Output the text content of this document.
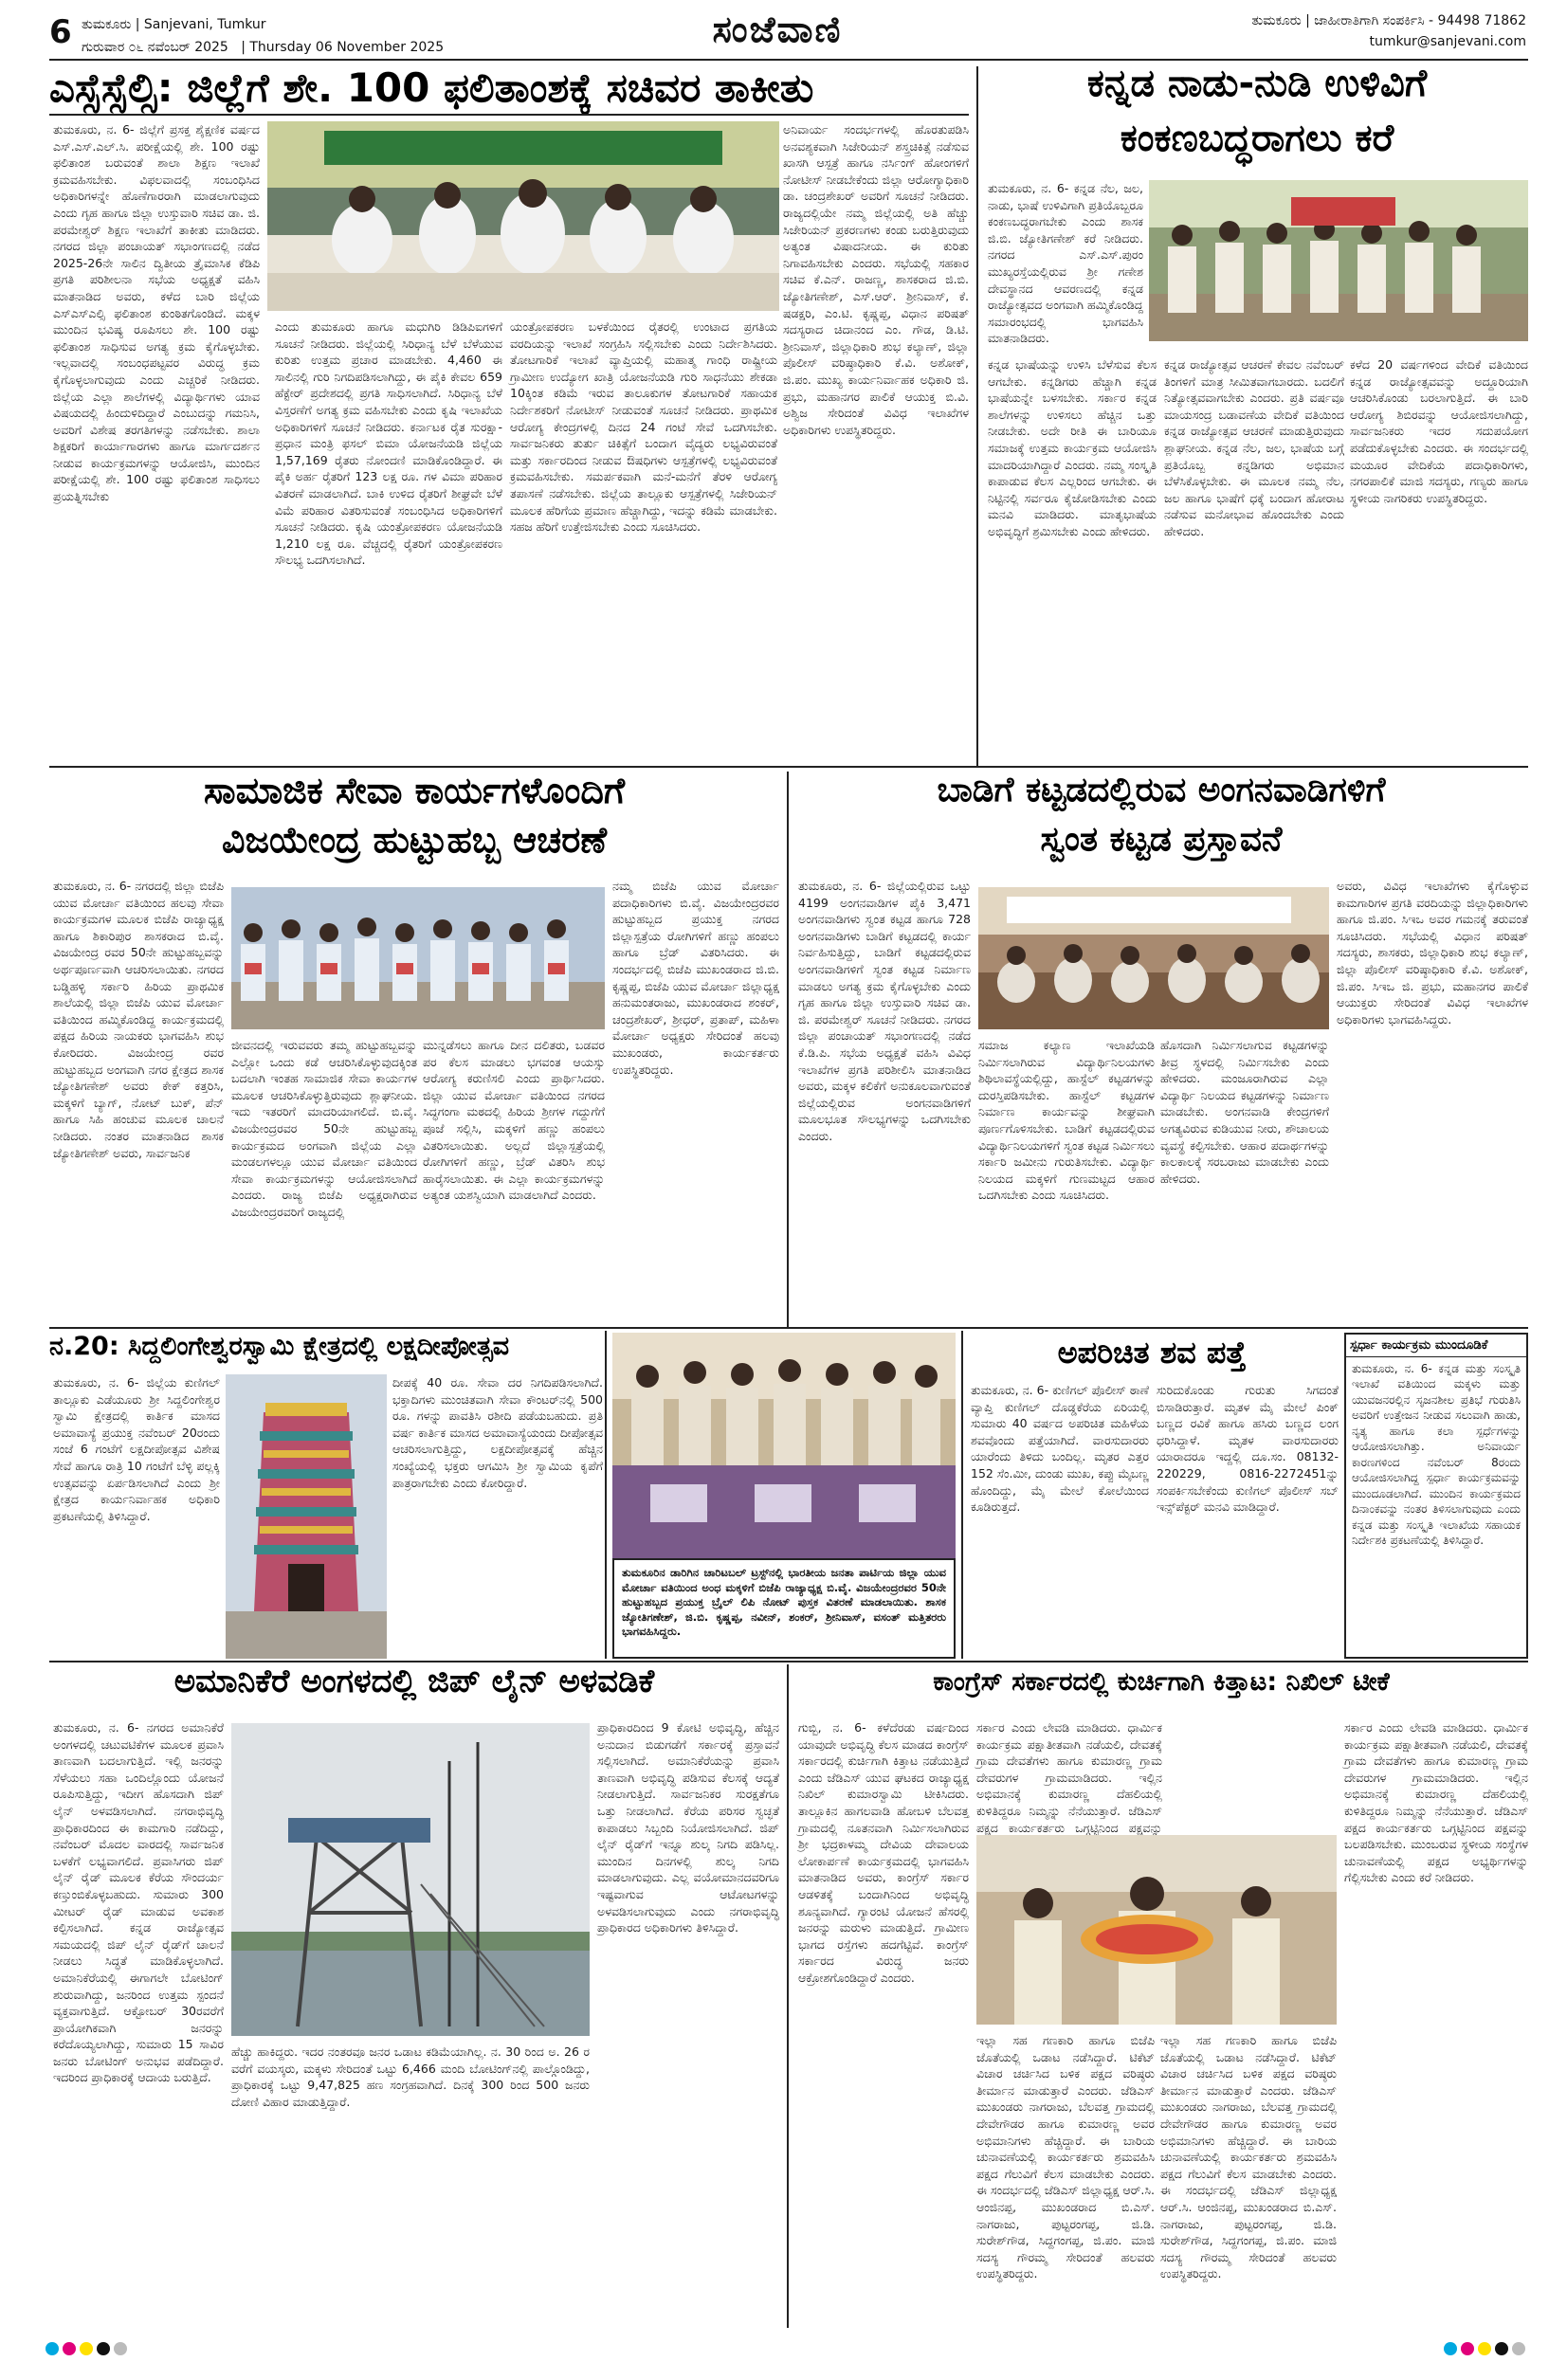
6 ತುಮಕೂರು | Sanjevani, Tumkur
ಗುರುವಾರ ೦೬ ನವೆಂಬರ್ 2025 | Thursday 06 November 2025	ಸಂಜೆವಾಣಿ	ತುಮಕೂರು | ಜಾಹೀರಾತಿಗಾಗಿ ಸಂಪರ್ಕಿಸಿ - 94498 71862
tumkur@sanjevani.com
ಎಸ್ಸೆಸ್ಸೆಲ್ಸಿ: ಜಿಲ್ಲೆಗೆ ಶೇ. 100 ಫಲಿತಾಂಶಕ್ಕೆ ಸಚಿವರ ತಾಕೀತು
ತುಮಕೂರು, ನ. 6- ಜಿಲ್ಲೆಗೆ ಪ್ರಸಕ್ತ ಶೈಕ್ಷಣಿಕ ವರ್ಷದ ಎಸ್.ಎಸ್.ಎಲ್.ಸಿ. ಪರೀಕ್ಷೆಯಲ್ಲಿ ಶೇ. 100 ರಷ್ಟು ಫಲಿತಾಂಶ ಬರುವಂತೆ ಶಾಲಾ ಶಿಕ್ಷಣ ಇಲಾಖೆ ಕ್ರಮವಹಿಸಬೇಕು. ವಿಫಲವಾದಲ್ಲಿ ಸಂಬಂಧಿಸಿದ ಅಧಿಕಾರಿಗಳನ್ನೇ ಹೊಣೆಗಾರರಾಗಿ ಮಾಡಲಾಗುವುದು ಎಂದು ಗೃಹ ಹಾಗೂ ಜಿಲ್ಲಾ ಉಸ್ತುವಾರಿ ಸಚಿವ ಡಾ. ಜಿ. ಪರಮೇಶ್ವರ್ ಶಿಕ್ಷಣ ಇಲಾಖೆಗೆ ತಾಕೀತು ಮಾಡಿದರು. ನಗರದ ಜಿಲ್ಲಾ ಪಂಚಾಯತ್ ಸಭಾಂಗಣದಲ್ಲಿ ನಡೆದ 2025-26ನೇ ಸಾಲಿನ ದ್ವಿತೀಯ ತ್ರೈಮಾಸಿಕ ಕೆಡಿಪಿ ಪ್ರಗತಿ ಪರಿಶೀಲನಾ ಸಭೆಯ ಅಧ್ಯಕ್ಷತೆ ವಹಿಸಿ ಮಾತನಾಡಿದ ಅವರು, ಕಳೆದ ಬಾರಿ ಜಿಲ್ಲೆಯ ಎಸ್ಎಸ್ಎಲ್ಸಿ ಫಲಿತಾಂಶ ಕುಂಠಿತಗೊಂಡಿದೆ. ಮಕ್ಕಳ ಮುಂದಿನ ಭವಿಷ್ಯ ರೂಪಿಸಲು ಶೇ. 100 ರಷ್ಟು ಫಲಿತಾಂಶ ಸಾಧಿಸುವ ಅಗತ್ಯ ಕ್ರಮ ಕೈಗೊಳ್ಳಬೇಕು. ಇಲ್ಲವಾದಲ್ಲಿ ಸಂಬಂಧಪಟ್ಟವರ ವಿರುದ್ಧ ಕ್ರಮ ಕೈಗೊಳ್ಳಲಾಗುವುದು ಎಂದು ಎಚ್ಚರಿಕೆ ನೀಡಿದರು. ಜಿಲ್ಲೆಯ ಎಲ್ಲಾ ಶಾಲೆಗಳಲ್ಲಿ ವಿದ್ಯಾರ್ಥಿಗಳು ಯಾವ ವಿಷಯದಲ್ಲಿ ಹಿಂದುಳಿದಿದ್ದಾರೆ ಎಂಬುದನ್ನು ಗಮನಿಸಿ, ಅವರಿಗೆ ವಿಶೇಷ ತರಗತಿಗಳನ್ನು ನಡೆಸಬೇಕು. ಶಾಲಾ ಶಿಕ್ಷಕರಿಗೆ ಕಾರ್ಯಾಗಾರಗಳು ಹಾಗೂ ಮಾರ್ಗದರ್ಶನ ನೀಡುವ ಕಾರ್ಯಕ್ರಮಗಳನ್ನು ಆಯೋಜಿಸಿ, ಮುಂದಿನ ಪರೀಕ್ಷೆಯಲ್ಲಿ ಶೇ. 100 ರಷ್ಟು ಫಲಿತಾಂಶ ಸಾಧಿಸಲು ಪ್ರಯತ್ನಿಸಬೇಕು
ಎಂದು ತುಮಕೂರು ಹಾಗೂ ಮಧುಗಿರಿ ಡಿಡಿಪಿಐಗಳಿಗೆ ಸೂಚನೆ ನೀಡಿದರು. ಜಿಲ್ಲೆಯಲ್ಲಿ ಸಿರಿಧಾನ್ಯ ಬೆಳೆ ಬೆಳೆಯುವ ಕುರಿತು ಉತ್ತಮ ಪ್ರಚಾರ ಮಾಡಬೇಕು. 4,460 ಈ ಸಾಲಿನಲ್ಲಿ ಗುರಿ ನಿಗದಿಪಡಿಸಲಾಗಿದ್ದು, ಈ ಪೈಕಿ ಕೇವಲ 659 ಹೆಕ್ಟೇರ್ ಪ್ರದೇಶದಲ್ಲಿ ಪ್ರಗತಿ ಸಾಧಿಸಲಾಗಿದೆ. ಸಿರಿಧಾನ್ಯ ಬೆಳೆ ವಿಸ್ತರಣೆಗೆ ಅಗತ್ಯ ಕ್ರಮ ವಹಿಸಬೇಕು ಎಂದು ಕೃಷಿ ಇಲಾಖೆಯ ಅಧಿಕಾರಿಗಳಿಗೆ ಸೂಚನೆ ನೀಡಿದರು. ಕರ್ನಾಟಕ ರೈತ ಸುರಕ್ಷಾ-ಪ್ರಧಾನ ಮಂತ್ರಿ ಫಸಲ್ ಬಿಮಾ ಯೋಜನೆಯಡಿ ಜಿಲ್ಲೆಯ 1,57,169 ರೈತರು ನೋಂದಣಿ ಮಾಡಿಕೊಂಡಿದ್ದಾರೆ. ಈ ಪೈಕಿ ಅರ್ಹ ರೈತರಿಗೆ 123 ಲಕ್ಷ ರೂ. ಗಳ ವಿಮಾ ಪರಿಹಾರ ವಿತರಣೆ ಮಾಡಲಾಗಿದೆ. ಬಾಕಿ ಉಳಿದ ರೈತರಿಗೆ ಶೀಘ್ರವೇ ಬೆಳೆ ವಿಮೆ ಪರಿಹಾರ ವಿತರಿಸುವಂತೆ ಸಂಬಂಧಿಸಿದ ಅಧಿಕಾರಿಗಳಿಗೆ ಸೂಚನೆ ನೀಡಿದರು. ಕೃಷಿ ಯಂತ್ರೋಪಕರಣ ಯೋಜನೆಯಡಿ 1,210 ಲಕ್ಷ ರೂ. ವೆಚ್ಚದಲ್ಲಿ ರೈತರಿಗೆ ಯಂತ್ರೋಪಕರಣ ಸೌಲಭ್ಯ ಒದಗಿಸಲಾಗಿದೆ.
ಯಂತ್ರೋಪಕರಣ ಬಳಕೆಯಿಂದ ರೈತರಲ್ಲಿ ಉಂಟಾದ ಪ್ರಗತಿಯ ವರದಿಯನ್ನು ಇಲಾಖೆ ಸಂಗ್ರಹಿಸಿ ಸಲ್ಲಿಸಬೇಕು ಎಂದು ನಿರ್ದೇಶಿಸಿದರು. ತೋಟಗಾರಿಕೆ ಇಲಾಖೆ ವ್ಯಾಪ್ತಿಯಲ್ಲಿ ಮಹಾತ್ಮ ಗಾಂಧಿ ರಾಷ್ಟ್ರೀಯ ಗ್ರಾಮೀಣ ಉದ್ಯೋಗ ಖಾತ್ರಿ ಯೋಜನೆಯಡಿ ಗುರಿ ಸಾಧನೆಯು ಶೇಕಡಾ 10ಕ್ಕಿಂತ ಕಡಿಮೆ ಇರುವ ತಾಲೂಕುಗಳ ತೋಟಗಾರಿಕೆ ಸಹಾಯಕ ನಿರ್ದೇಶಕರಿಗೆ ನೋಟೀಸ್ ನೀಡುವಂತೆ ಸೂಚನೆ ನೀಡಿದರು. ಪ್ರಾಥಮಿಕ ಆರೋಗ್ಯ ಕೇಂದ್ರಗಳಲ್ಲಿ ದಿನದ 24 ಗಂಟೆ ಸೇವೆ ಒದಗಿಸಬೇಕು. ಸಾರ್ವಜನಿಕರು ತುರ್ತು ಚಿಕಿತ್ಸೆಗೆ ಬಂದಾಗ ವೈದ್ಯರು ಲಭ್ಯವಿರುವಂತೆ ಮತ್ತು ಸರ್ಕಾರದಿಂದ ನೀಡುವ ಔಷಧಿಗಳು ಆಸ್ಪತ್ರೆಗಳಲ್ಲಿ ಲಭ್ಯವಿರುವಂತೆ ಕ್ರಮವಹಿಸಬೇಕು. ಸಮರ್ಪಕವಾಗಿ ಮನೆ-ಮನೆಗೆ ತೆರಳಿ ಆರೋಗ್ಯ ತಪಾಸಣೆ ನಡೆಸಬೇಕು. ಜಿಲ್ಲೆಯ ತಾಲ್ಲೂಕು ಆಸ್ಪತ್ರೆಗಳಲ್ಲಿ ಸಿಜೇರಿಯನ್ ಮೂಲಕ ಹೆರಿಗೆಯ ಪ್ರಮಾಣ ಹೆಚ್ಚಾಗಿದ್ದು, ಇದನ್ನು ಕಡಿಮೆ ಮಾಡಬೇಕು. ಸಹಜ ಹೆರಿಗೆ ಉತ್ತೇಜಿಸಬೇಕು ಎಂದು ಸೂಚಿಸಿದರು.
ಅನಿವಾರ್ಯ ಸಂದರ್ಭಗಳಲ್ಲಿ ಹೊರತುಪಡಿಸಿ ಅನವಶ್ಯಕವಾಗಿ ಸಿಜೇರಿಯನ್ ಶಸ್ತ್ರಚಿಕಿತ್ಸೆ ನಡೆಸುವ ಖಾಸಗಿ ಆಸ್ಪತ್ರೆ ಹಾಗೂ ನರ್ಸಿಂಗ್ ಹೋಂಗಳಿಗೆ ನೋಟೀಸ್ ನೀಡಬೇಕೆಂದು ಜಿಲ್ಲಾ ಆರೋಗ್ಯಾಧಿಕಾರಿ ಡಾ. ಚಂದ್ರಶೇಖರ್ ಅವರಿಗೆ ಸೂಚನೆ ನೀಡಿದರು. ರಾಜ್ಯದಲ್ಲಿಯೇ ನಮ್ಮ ಜಿಲ್ಲೆಯಲ್ಲಿ ಅತಿ ಹೆಚ್ಚು ಸಿಜೇರಿಯನ್ ಪ್ರಕರಣಗಳು ಕಂಡು ಬರುತ್ತಿರುವುದು ಅತ್ಯಂತ ವಿಷಾದನೀಯ. ಈ ಕುರಿತು ನಿಗಾವಹಿಸಬೇಕು ಎಂದರು. ಸಭೆಯಲ್ಲಿ ಸಹಕಾರ ಸಚಿವ ಕೆ.ಎನ್. ರಾಜಣ್ಣ, ಶಾಸಕರಾದ ಜಿ.ಬಿ. ಜ್ಯೋತಿಗಣೇಶ್, ಎಸ್.ಆರ್. ಶ್ರೀನಿವಾಸ್, ಕೆ. ಷಡಕ್ಷರಿ, ಎಂ.ಟಿ. ಕೃಷ್ಣಪ್ಪ, ವಿಧಾನ ಪರಿಷತ್ ಸದಸ್ಯರಾದ ಚಿದಾನಂದ ಎಂ. ಗೌಡ, ಡಿ.ಟಿ. ಶ್ರೀನಿವಾಸ್, ಜಿಲ್ಲಾಧಿಕಾರಿ ಶುಭ ಕಲ್ಯಾಣ್, ಜಿಲ್ಲಾ ಪೊಲೀಸ್ ವರಿಷ್ಠಾಧಿಕಾರಿ ಕೆ.ವಿ. ಅಶೋಕ್, ಜಿ.ಪಂ. ಮುಖ್ಯ ಕಾರ್ಯನಿರ್ವಾಹಕ ಅಧಿಕಾರಿ ಜಿ. ಪ್ರಭು, ಮಹಾನಗರ ಪಾಲಿಕೆ ಆಯುಕ್ತ ಬಿ.ವಿ. ಅಶ್ವಿಜ ಸೇರಿದಂತೆ ವಿವಿಧ ಇಲಾಖೆಗಳ ಅಧಿಕಾರಿಗಳು ಉಪಸ್ಥಿತರಿದ್ದರು.
ಕನ್ನಡ ನಾಡು-ನುಡಿ ಉಳಿವಿಗೆ
ಕಂಕಣಬದ್ಧರಾಗಲು ಕರೆ
ತುಮಕೂರು, ನ. 6- ಕನ್ನಡ ನೆಲ, ಜಲ, ನಾಡು, ಭಾಷೆ ಉಳಿವಿಗಾಗಿ ಪ್ರತಿಯೊಬ್ಬರೂ ಕಂಕಣಬದ್ಧರಾಗಬೇಕು ಎಂದು ಶಾಸಕ ಜಿ.ಬಿ. ಜ್ಯೋತಿಗಣೇಶ್ ಕರೆ ನೀಡಿದರು. ನಗರದ ಎಸ್.ಎಸ್.ಪುರಂ ಮುಖ್ಯರಸ್ತೆಯಲ್ಲಿರುವ ಶ್ರೀ ಗಣೇಶ ದೇವಸ್ಥಾನದ ಆವರಣದಲ್ಲಿ ಕನ್ನಡ ರಾಜ್ಯೋತ್ಸವದ ಅಂಗವಾಗಿ ಹಮ್ಮಿಕೊಂಡಿದ್ದ ಸಮಾರಂಭದಲ್ಲಿ ಭಾಗವಹಿಸಿ ಮಾತನಾಡಿದರು.
ಕನ್ನಡ ರಾಜ್ಯೋತ್ಸವ ಆಚರಣೆ ಕೇವಲ ನವೆಂಬರ್ ತಿಂಗಳಿಗೆ ಮಾತ್ರ ಸೀಮಿತವಾಗಬಾರದು. ಬದಲಿಗೆ ನಿತ್ಯೋತ್ಸವವಾಗಬೇಕು ಎಂದರು. ಪ್ರತಿ ವರ್ಷವೂ ಮಾಯಸಂದ್ರ ಬಡಾವಣೆಯ ವೇದಿಕೆ ವತಿಯಿಂದ ಕನ್ನಡ ರಾಜ್ಯೋತ್ಸವ ಆಚರಣೆ ಮಾಡುತ್ತಿರುವುದು ಶ್ಲಾಘನೀಯ. ಕನ್ನಡ ನೆಲ, ಜಲ, ಭಾಷೆಯ ಬಗ್ಗೆ ಪ್ರತಿಯೊಬ್ಬ ಕನ್ನಡಿಗರು ಅಭಿಮಾನ ಬೆಳೆಸಿಕೊಳ್ಳಬೇಕು. ಈ ಮೂಲಕ ನಮ್ಮ ನೆಲ, ಜಲ ಹಾಗೂ ಭಾಷೆಗೆ ಧಕ್ಕೆ ಬಂದಾಗ ಹೋರಾಟ ನಡೆಸುವ ಮನೋಭಾವ ಹೊಂದಬೇಕು ಎಂದು ಹೇಳಿದರು.
ಕನ್ನಡ ಭಾಷೆಯನ್ನು ಉಳಿಸಿ ಬೆಳೆಸುವ ಕೆಲಸ ಆಗಬೇಕು. ಕನ್ನಡಿಗರು ಹೆಚ್ಚಾಗಿ ಕನ್ನಡ ಭಾಷೆಯನ್ನೇ ಬಳಸಬೇಕು. ಸರ್ಕಾರ ಕನ್ನಡ ಶಾಲೆಗಳನ್ನು ಉಳಿಸಲು ಹೆಚ್ಚಿನ ಒತ್ತು ನೀಡಬೇಕು. ಅದೇ ರೀತಿ ಈ ಬಾರಿಯೂ ಸಮಾಜಕ್ಕೆ ಉತ್ತಮ ಕಾರ್ಯಕ್ರಮ ಆಯೋಜಿಸಿ ಮಾದರಿಯಾಗಿದ್ದಾರೆ ಎಂದರು. ನಮ್ಮ ಸಂಸ್ಕೃತಿ ಕಾಪಾಡುವ ಕೆಲಸ ಎಲ್ಲರಿಂದ ಆಗಬೇಕು. ಈ ನಿಟ್ಟಿನಲ್ಲಿ ಸರ್ವರೂ ಕೈಜೋಡಿಸಬೇಕು ಎಂದು ಮನವಿ ಮಾಡಿದರು. ಮಾತೃಭಾಷೆಯ ಅಭಿವೃದ್ಧಿಗೆ ಶ್ರಮಿಸಬೇಕು ಎಂದು ಹೇಳಿದರು.
ಕಳೆದ 20 ವರ್ಷಗಳಿಂದ ವೇದಿಕೆ ವತಿಯಿಂದ ಕನ್ನಡ ರಾಜ್ಯೋತ್ಸವವನ್ನು ಅದ್ದೂರಿಯಾಗಿ ಆಚರಿಸಿಕೊಂಡು ಬರಲಾಗುತ್ತಿದೆ. ಈ ಬಾರಿ ಆರೋಗ್ಯ ಶಿಬಿರವನ್ನು ಆಯೋಜಿಸಲಾಗಿದ್ದು, ಸಾರ್ವಜನಿಕರು ಇದರ ಸದುಪಯೋಗ ಪಡೆದುಕೊಳ್ಳಬೇಕು ಎಂದರು. ಈ ಸಂದರ್ಭದಲ್ಲಿ ಮಯೂರ ವೇದಿಕೆಯ ಪದಾಧಿಕಾರಿಗಳು, ನಗರಪಾಲಿಕೆ ಮಾಜಿ ಸದಸ್ಯರು, ಗಣ್ಯರು ಹಾಗೂ ಸ್ಥಳೀಯ ನಾಗರಿಕರು ಉಪಸ್ಥಿತರಿದ್ದರು.
ಸಾಮಾಜಿಕ ಸೇವಾ ಕಾರ್ಯಗಳೊಂದಿಗೆ
ವಿಜಯೇಂದ್ರ ಹುಟ್ಟುಹಬ್ಬ ಆಚರಣೆ
ತುಮಕೂರು, ನ. 6- ನಗರದಲ್ಲಿ ಜಿಲ್ಲಾ ಬಿಜೆಪಿ ಯುವ ಮೋರ್ಚಾ ವತಿಯಿಂದ ಹಲವು ಸೇವಾ ಕಾರ್ಯಕ್ರಮಗಳ ಮೂಲಕ ಬಿಜೆಪಿ ರಾಜ್ಯಾಧ್ಯಕ್ಷ ಹಾಗೂ ಶಿಕಾರಿಪುರ ಶಾಸಕರಾದ ಬಿ.ವೈ. ವಿಜಯೇಂದ್ರ ರವರ 50ನೇ ಹುಟ್ಟುಹಬ್ಬವನ್ನು ಅರ್ಥಪೂರ್ಣವಾಗಿ ಆಚರಿಸಲಾಯಿತು. ನಗರದ ಬಡ್ಡಿಹಳ್ಳಿ ಸರ್ಕಾರಿ ಹಿರಿಯ ಪ್ರಾಥಮಿಕ ಶಾಲೆಯಲ್ಲಿ ಜಿಲ್ಲಾ ಬಿಜೆಪಿ ಯುವ ಮೋರ್ಚಾ ವತಿಯಿಂದ ಹಮ್ಮಿಕೊಂಡಿದ್ದ ಕಾರ್ಯಕ್ರಮದಲ್ಲಿ ಪಕ್ಷದ ಹಿರಿಯ ನಾಯಕರು ಭಾಗವಹಿಸಿ ಶುಭ ಕೋರಿದರು. ವಿಜಯೇಂದ್ರ ರವರ ಹುಟ್ಟುಹಬ್ಬದ ಅಂಗವಾಗಿ ನಗರ ಕ್ಷೇತ್ರದ ಶಾಸಕ ಜ್ಯೋತಿಗಣೇಶ್ ಅವರು ಕೇಕ್ ಕತ್ತರಿಸಿ, ಮಕ್ಕಳಿಗೆ ಬ್ಯಾಗ್, ನೋಟ್ ಬುಕ್, ಪೆನ್ ಹಾಗೂ ಸಿಹಿ ಹಂಚುವ ಮೂಲಕ ಚಾಲನೆ ನೀಡಿದರು. ನಂತರ ಮಾತನಾಡಿದ ಶಾಸಕ ಜ್ಯೋತಿಗಣೇಶ್ ಅವರು, ಸಾರ್ವಜನಿಕ
ಜೀವನದಲ್ಲಿ ಇರುವವರು ತಮ್ಮ ಹುಟ್ಟುಹಬ್ಬವನ್ನು ಎಲ್ಲೋ ಒಂದು ಕಡೆ ಆಚರಿಸಿಕೊಳ್ಳುವುದಕ್ಕಿಂತ ಬದಲಾಗಿ ಇಂತಹ ಸಾಮಾಜಿಕ ಸೇವಾ ಕಾರ್ಯಗಳ ಮೂಲಕ ಆಚರಿಸಿಕೊಳ್ಳುತ್ತಿರುವುದು ಶ್ಲಾಘನೀಯ. ಇದು ಇತರರಿಗೆ ಮಾದರಿಯಾಗಲಿದೆ. ಬಿ.ವೈ. ವಿಜಯೇಂದ್ರರವರ 50ನೇ ಹುಟ್ಟುಹಬ್ಬ ಕಾರ್ಯಕ್ರಮದ ಅಂಗವಾಗಿ ಜಿಲ್ಲೆಯ ಎಲ್ಲಾ ಮಂಡಲಗಳಲ್ಲೂ ಯುವ ಮೋರ್ಚಾ ವತಿಯಿಂದ ಸೇವಾ ಕಾರ್ಯಕ್ರಮಗಳನ್ನು ಆಯೋಜಿಸಲಾಗಿದೆ ಎಂದರು. ರಾಜ್ಯ ಬಿಜೆಪಿ ಅಧ್ಯಕ್ಷರಾಗಿರುವ ವಿಜಯೇಂದ್ರರವರಿಗೆ ರಾಜ್ಯದಲ್ಲಿ
ಮುನ್ನಡೆಸಲು ಹಾಗೂ ದೀನ ದಲಿತರು, ಬಡವರ ಪರ ಕೆಲಸ ಮಾಡಲು ಭಗವಂತ ಆಯಸ್ಸು ಆರೋಗ್ಯ ಕರುಣಿಸಲಿ ಎಂದು ಪ್ರಾರ್ಥಿಸಿದರು. ಜಿಲ್ಲಾ ಯುವ ಮೋರ್ಚಾ ವತಿಯಿಂದ ನಗರದ ಸಿದ್ಧಗಂಗಾ ಮಠದಲ್ಲಿ ಹಿರಿಯ ಶ್ರೀಗಳ ಗದ್ದುಗೆಗೆ ಪೂಜೆ ಸಲ್ಲಿಸಿ, ಮಕ್ಕಳಿಗೆ ಹಣ್ಣು ಹಂಪಲು ವಿತರಿಸಲಾಯಿತು. ಅಲ್ಲದೆ ಜಿಲ್ಲಾಸ್ಪತ್ರೆಯಲ್ಲಿ ರೋಗಿಗಳಿಗೆ ಹಣ್ಣು, ಬ್ರೆಡ್ ವಿತರಿಸಿ ಶುಭ ಹಾರೈಸಲಾಯಿತು. ಈ ಎಲ್ಲಾ ಕಾರ್ಯಕ್ರಮಗಳನ್ನು ಅತ್ಯಂತ ಯಶಸ್ವಿಯಾಗಿ ಮಾಡಲಾಗಿದೆ ಎಂದರು.
ನಮ್ಮ ಬಿಜೆಪಿ ಯುವ ಮೋರ್ಚಾ ಪದಾಧಿಕಾರಿಗಳು ಬಿ.ವೈ. ವಿಜಯೇಂದ್ರರವರ ಹುಟ್ಟುಹಬ್ಬದ ಪ್ರಯುಕ್ತ ನಗರದ ಜಿಲ್ಲಾಸ್ಪತ್ರೆಯ ರೋಗಿಗಳಿಗೆ ಹಣ್ಣು ಹಂಪಲು ಹಾಗೂ ಬ್ರೆಡ್ ವಿತರಿಸಿದರು. ಈ ಸಂದರ್ಭದಲ್ಲಿ ಬಿಜೆಪಿ ಮುಖಂಡರಾದ ಜಿ.ಬಿ. ಕೃಷ್ಣಪ್ಪ, ಬಿಜೆಪಿ ಯುವ ಮೋರ್ಚಾ ಜಿಲ್ಲಾಧ್ಯಕ್ಷ ಹನುಮಂತರಾಜು, ಮುಖಂಡರಾದ ಶಂಕರ್, ಚಂದ್ರಶೇಖರ್, ಶ್ರೀಧರ್, ಪ್ರತಾಪ್, ಮಹಿಳಾ ಮೋರ್ಚಾ ಅಧ್ಯಕ್ಷರು ಸೇರಿದಂತೆ ಹಲವು ಮುಖಂಡರು, ಕಾರ್ಯಕರ್ತರು ಉಪಸ್ಥಿತರಿದ್ದರು.
ಬಾಡಿಗೆ ಕಟ್ಟಡದಲ್ಲಿರುವ ಅಂಗನವಾಡಿಗಳಿಗೆ
ಸ್ವಂತ ಕಟ್ಟಡ ಪ್ರಸ್ತಾವನೆ
ತುಮಕೂರು, ನ. 6- ಜಿಲ್ಲೆಯಲ್ಲಿರುವ ಒಟ್ಟು 4199 ಅಂಗನವಾಡಿಗಳ ಪೈಕಿ 3,471 ಅಂಗನವಾಡಿಗಳು ಸ್ವಂತ ಕಟ್ಟಡ ಹಾಗೂ 728 ಅಂಗನವಾಡಿಗಳು ಬಾಡಿಗೆ ಕಟ್ಟಡದಲ್ಲಿ ಕಾರ್ಯ ನಿರ್ವಹಿಸುತ್ತಿದ್ದು, ಬಾಡಿಗೆ ಕಟ್ಟಡದಲ್ಲಿರುವ ಅಂಗನವಾಡಿಗಳಿಗೆ ಸ್ವಂತ ಕಟ್ಟಡ ನಿರ್ಮಾಣ ಮಾಡಲು ಅಗತ್ಯ ಕ್ರಮ ಕೈಗೊಳ್ಳಬೇಕು ಎಂದು ಗೃಹ ಹಾಗೂ ಜಿಲ್ಲಾ ಉಸ್ತುವಾರಿ ಸಚಿವ ಡಾ. ಜಿ. ಪರಮೇಶ್ವರ್ ಸೂಚನೆ ನೀಡಿದರು. ನಗರದ ಜಿಲ್ಲಾ ಪಂಚಾಯತ್ ಸಭಾಂಗಣದಲ್ಲಿ ನಡೆದ ಕೆ.ಡಿ.ಪಿ. ಸಭೆಯ ಅಧ್ಯಕ್ಷತೆ ವಹಿಸಿ ವಿವಿಧ ಇಲಾಖೆಗಳ ಪ್ರಗತಿ ಪರಿಶೀಲಿಸಿ ಮಾತನಾಡಿದ ಅವರು, ಮಕ್ಕಳ ಕಲಿಕೆಗೆ ಅನುಕೂಲವಾಗುವಂತೆ ಜಿಲ್ಲೆಯಲ್ಲಿರುವ ಅಂಗನವಾಡಿಗಳಿಗೆ ಮೂಲಭೂತ ಸೌಲಭ್ಯಗಳನ್ನು ಒದಗಿಸಬೇಕು ಎಂದರು.
ಸಮಾಜ ಕಲ್ಯಾಣ ಇಲಾಖೆಯಡಿ ನಿರ್ಮಿಸಲಾಗಿರುವ ವಿದ್ಯಾರ್ಥಿನಿಲಯಗಳು ಶಿಥಿಲಾವಸ್ಥೆಯಲ್ಲಿದ್ದು, ಹಾಸ್ಟೆಲ್ ಕಟ್ಟಡಗಳನ್ನು ದುರಸ್ತಿಪಡಿಸಬೇಕು. ಹಾಸ್ಟೆಲ್ ಕಟ್ಟಡಗಳ ನಿರ್ಮಾಣ ಕಾರ್ಯವನ್ನು ಶೀಘ್ರವಾಗಿ ಪೂರ್ಣಗೊಳಿಸಬೇಕು. ಬಾಡಿಗೆ ಕಟ್ಟಡದಲ್ಲಿರುವ ವಿದ್ಯಾರ್ಥಿನಿಲಯಗಳಿಗೆ ಸ್ವಂತ ಕಟ್ಟಡ ನಿರ್ಮಿಸಲು ಸರ್ಕಾರಿ ಜಮೀನು ಗುರುತಿಸಬೇಕು. ವಿದ್ಯಾರ್ಥಿ ನಿಲಯದ ಮಕ್ಕಳಿಗೆ ಗುಣಮಟ್ಟದ ಆಹಾರ ಒದಗಿಸಬೇಕು ಎಂದು ಸೂಚಿಸಿದರು.
ಹೊಸದಾಗಿ ನಿರ್ಮಿಸಲಾಗುವ ಕಟ್ಟಡಗಳನ್ನು ತೀವ್ರ ಸ್ಥಳದಲ್ಲಿ ನಿರ್ಮಿಸಬೇಕು ಎಂದು ಹೇಳಿದರು. ಮಂಜೂರಾಗಿರುವ ಎಲ್ಲಾ ವಿದ್ಯಾರ್ಥಿ ನಿಲಯದ ಕಟ್ಟಡಗಳನ್ನು ನಿರ್ಮಾಣ ಮಾಡಬೇಕು. ಅಂಗನವಾಡಿ ಕೇಂದ್ರಗಳಿಗೆ ಅಗತ್ಯವಿರುವ ಕುಡಿಯುವ ನೀರು, ಶೌಚಾಲಯ ವ್ಯವಸ್ಥೆ ಕಲ್ಪಿಸಬೇಕು. ಆಹಾರ ಪದಾರ್ಥಗಳನ್ನು ಕಾಲಕಾಲಕ್ಕೆ ಸರಬರಾಜು ಮಾಡಬೇಕು ಎಂದು ಹೇಳಿದರು.
ಅವರು, ವಿವಿಧ ಇಲಾಖೆಗಳು ಕೈಗೊಳ್ಳುವ ಕಾಮಗಾರಿಗಳ ಪ್ರಗತಿ ವರದಿಯನ್ನು ಜಿಲ್ಲಾಧಿಕಾರಿಗಳು ಹಾಗೂ ಜಿ.ಪಂ. ಸಿಇಒ ಅವರ ಗಮನಕ್ಕೆ ತರುವಂತೆ ಸೂಚಿಸಿದರು. ಸಭೆಯಲ್ಲಿ ವಿಧಾನ ಪರಿಷತ್ ಸದಸ್ಯರು, ಶಾಸಕರು, ಜಿಲ್ಲಾಧಿಕಾರಿ ಶುಭ ಕಲ್ಯಾಣ್, ಜಿಲ್ಲಾ ಪೊಲೀಸ್ ವರಿಷ್ಠಾಧಿಕಾರಿ ಕೆ.ವಿ. ಅಶೋಕ್, ಜಿ.ಪಂ. ಸಿಇಒ ಜಿ. ಪ್ರಭು, ಮಹಾನಗರ ಪಾಲಿಕೆ ಆಯುಕ್ತರು ಸೇರಿದಂತೆ ವಿವಿಧ ಇಲಾಖೆಗಳ ಅಧಿಕಾರಿಗಳು ಭಾಗವಹಿಸಿದ್ದರು.
ನ.20: ಸಿದ್ದಲಿಂಗೇಶ್ವರಸ್ವಾಮಿ ಕ್ಷೇತ್ರದಲ್ಲಿ ಲಕ್ಷದೀಪೋತ್ಸವ
ತುಮಕೂರು, ನ. 6- ಜಿಲ್ಲೆಯ ಕುಣಿಗಲ್ ತಾಲ್ಲೂಕು ಎಡೆಯೂರು ಶ್ರೀ ಸಿದ್ದಲಿಂಗೇಶ್ವರ ಸ್ವಾಮಿ ಕ್ಷೇತ್ರದಲ್ಲಿ ಕಾರ್ತಿಕ ಮಾಸದ ಅಮಾವಾಸ್ಯೆ ಪ್ರಯುಕ್ತ ನವೆಂಬರ್ 20ರಂದು ಸಂಜೆ 6 ಗಂಟೆಗೆ ಲಕ್ಷದೀಪೋತ್ಸವ ವಿಶೇಷ ಸೇವೆ ಹಾಗೂ ರಾತ್ರಿ 10 ಗಂಟೆಗೆ ಬೆಳ್ಳಿ ಪಲ್ಲಕ್ಕಿ ಉತ್ಸವವನ್ನು ಏರ್ಪಡಿಸಲಾಗಿದೆ ಎಂದು ಶ್ರೀ ಕ್ಷೇತ್ರದ ಕಾರ್ಯನಿರ್ವಾಹಕ ಅಧಿಕಾರಿ ಪ್ರಕಟಣೆಯಲ್ಲಿ ತಿಳಿಸಿದ್ದಾರೆ.
ದೀಪಕ್ಕೆ 40 ರೂ. ಸೇವಾ ದರ ನಿಗದಿಪಡಿಸಲಾಗಿದೆ. ಭಕ್ತಾದಿಗಳು ಮುಂಚಿತವಾಗಿ ಸೇವಾ ಕೌಂಟರ್‌ನಲ್ಲಿ 500 ರೂ. ಗಳನ್ನು ಪಾವತಿಸಿ ರಶೀದಿ ಪಡೆಯಬಹುದು. ಪ್ರತಿ ವರ್ಷ ಕಾರ್ತಿಕ ಮಾಸದ ಅಮಾವಾಸ್ಯೆಯಂದು ದೀಪೋತ್ಸವ ಆಚರಿಸಲಾಗುತ್ತಿದ್ದು, ಲಕ್ಷದೀಪೋತ್ಸವಕ್ಕೆ ಹೆಚ್ಚಿನ ಸಂಖ್ಯೆಯಲ್ಲಿ ಭಕ್ತರು ಆಗಮಿಸಿ ಶ್ರೀ ಸ್ವಾಮಿಯ ಕೃಪೆಗೆ ಪಾತ್ರರಾಗಬೇಕು ಎಂದು ಕೋರಿದ್ದಾರೆ.
ತುಮಕೂರಿನ ಡಾರಿಗಿನ ಚಾರಿಟಬಲ್ ಟ್ರಸ್ಟ್‌ನಲ್ಲಿ ಭಾರತೀಯ ಜನತಾ ಪಾರ್ಟಿಯ ಜಿಲ್ಲಾ ಯುವ ಮೋರ್ಚಾ ವತಿಯಿಂದ ಅಂಧ ಮಕ್ಕಳಿಗೆ ಬಿಜೆಪಿ ರಾಜ್ಯಾಧ್ಯಕ್ಷ ಬಿ.ವೈ. ವಿಜಯೇಂದ್ರರವರ 50ನೇ ಹುಟ್ಟುಹಬ್ಬದ ಪ್ರಯುಕ್ತ ಬ್ರೈಲ್ ಲಿಪಿ ನೋಟ್ ಪುಸ್ತಕ ವಿತರಣೆ ಮಾಡಲಾಯಿತು. ಶಾಸಕ ಜ್ಯೋತಿಗಣೇಶ್, ಜಿ.ಬಿ. ಕೃಷ್ಣಪ್ಪ, ನವೀನ್, ಶಂಕರ್, ಶ್ರೀನಿವಾಸ್, ವಸಂತ್ ಮತ್ತಿತರರು ಭಾಗವಹಿಸಿದ್ದರು.
ಅಪರಿಚಿತ ಶವ ಪತ್ತೆ
ತುಮಕೂರು, ನ. 6- ಕುಣಿಗಲ್ ಪೊಲೀಸ್ ಠಾಣೆ ವ್ಯಾಪ್ತಿ ಕುಣಿಗಲ್ ದೊಡ್ಡಕೆರೆಯ ಏರಿಯಲ್ಲಿ ಸುಮಾರು 40 ವರ್ಷದ ಅಪರಿಚಿತ ಮಹಿಳೆಯ ಶವವೊಂದು ಪತ್ತೆಯಾಗಿದೆ. ವಾರಸುದಾರರು ಯಾರೆಂದು ತಿಳಿದು ಬಂದಿಲ್ಲ. ಮೃತರ ಎತ್ತರ 152 ಸೆಂ.ಮೀ, ದುಂಡು ಮುಖ, ಕಪ್ಪು ಮೈಬಣ್ಣ ಹೊಂದಿದ್ದು, ಮೈ ಮೇಲೆ ಕೋಲೆಯಿಂದ ಕೂಡಿರುತ್ತದೆ.
ಸುರಿದುಕೊಂಡು ಗುರುತು ಸಿಗದಂತೆ ಬಿಸಾಡಿರುತ್ತಾರೆ. ಮೃತಳ ಮೈ ಮೇಲೆ ಪಿಂಕ್ ಬಣ್ಣದ ರವಿಕೆ ಹಾಗೂ ಹಸಿರು ಬಣ್ಣದ ಲಂಗ ಧರಿಸಿದ್ದಾಳೆ. ಮೃತಳ ವಾರಸುದಾರರು ಯಾರಾದರೂ ಇದ್ದಲ್ಲಿ ದೂ.ಸಂ. 08132-220229, 0816-2272451ನ್ನು ಸಂಪರ್ಕಿಸಬೇಕೆಂದು ಕುಣಿಗಲ್ ಪೊಲೀಸ್ ಸಬ್ ಇನ್ಸ್‌ಪೆಕ್ಟರ್ ಮನವಿ ಮಾಡಿದ್ದಾರೆ.
ಸ್ಪರ್ಧಾ ಕಾರ್ಯಕ್ರಮ ಮುಂದೂಡಿಕೆ
ತುಮಕೂರು, ನ. 6- ಕನ್ನಡ ಮತ್ತು ಸಂಸ್ಕೃತಿ ಇಲಾಖೆ ವತಿಯಿಂದ ಮಕ್ಕಳು ಮತ್ತು ಯುವಜನರಲ್ಲಿನ ಸೃಜನಶೀಲ ಪ್ರತಿಭೆ ಗುರುತಿಸಿ ಅವರಿಗೆ ಉತ್ತೇಜನ ನೀಡುವ ಸಲುವಾಗಿ ಹಾಡು, ನೃತ್ಯ ಹಾಗೂ ಕಲಾ ಸ್ಪರ್ಧೆಗಳನ್ನು ಆಯೋಜಿಸಲಾಗಿತ್ತು. ಅನಿವಾರ್ಯ ಕಾರಣಗಳಿಂದ ನವೆಂಬರ್ 8ರಂದು ಆಯೋಜಿಸಲಾಗಿದ್ದ ಸ್ಪರ್ಧಾ ಕಾರ್ಯಕ್ರಮವನ್ನು ಮುಂದೂಡಲಾಗಿದೆ. ಮುಂದಿನ ಕಾರ್ಯಕ್ರಮದ ದಿನಾಂಕವನ್ನು ನಂತರ ತಿಳಿಸಲಾಗುವುದು ಎಂದು ಕನ್ನಡ ಮತ್ತು ಸಂಸ್ಕೃತಿ ಇಲಾಖೆಯ ಸಹಾಯಕ ನಿರ್ದೇಶಕಿ ಪ್ರಕಟಣೆಯಲ್ಲಿ ತಿಳಿಸಿದ್ದಾರೆ.
ಅಮಾನಿಕೆರೆ ಅಂಗಳದಲ್ಲಿ ಜಿಪ್ ಲೈನ್ ಅಳವಡಿಕೆ
ತುಮಕೂರು, ನ. 6- ನಗರದ ಅಮಾನಿಕೆರೆ ಅಂಗಳದಲ್ಲಿ ಚಟುವಟಿಕೆಗಳ ಮೂಲಕ ಪ್ರವಾಸಿ ತಾಣವಾಗಿ ಬದಲಾಗುತ್ತಿದೆ. ಇಲ್ಲಿ ಜನರನ್ನು ಸೆಳೆಯಲು ಸಹಾ ಒಂದಿಲ್ಲೊಂದು ಯೋಜನೆ ರೂಪಿಸುತ್ತಿದ್ದು, ಇದೀಗ ಹೊಸದಾಗಿ ಜಿಪ್ ಲೈನ್ ಅಳವಡಿಸಲಾಗಿದೆ. ನಗರಾಭಿವೃದ್ಧಿ ಪ್ರಾಧಿಕಾರದಿಂದ ಈ ಕಾಮಗಾರಿ ನಡೆದಿದ್ದು, ನವೆಂಬರ್ ಮೊದಲ ವಾರದಲ್ಲಿ ಸಾರ್ವಜನಿಕ ಬಳಕೆಗೆ ಲಭ್ಯವಾಗಲಿದೆ. ಪ್ರವಾಸಿಗರು ಜಿಪ್ ಲೈನ್ ರೈಡ್ ಮೂಲಕ ಕೆರೆಯ ಸೌಂದರ್ಯ ಕಣ್ತುಂಬಿಕೊಳ್ಳಬಹುದು. ಸುಮಾರು 300 ಮೀಟರ್ ರೈಡ್ ಮಾಡುವ ಅವಕಾಶ ಕಲ್ಪಿಸಲಾಗಿದೆ. ಕನ್ನಡ ರಾಜ್ಯೋತ್ಸವ ಸಮಯದಲ್ಲಿ ಜಿಪ್ ಲೈನ್ ರೈಡ್‌ಗೆ ಚಾಲನೆ ನೀಡಲು ಸಿದ್ಧತೆ ಮಾಡಿಕೊಳ್ಳಲಾಗಿದೆ. ಅಮಾನಿಕೆರೆಯಲ್ಲಿ ಈಗಾಗಲೇ ಬೋಟಿಂಗ್ ಶುರುವಾಗಿದ್ದು, ಜನರಿಂದ ಉತ್ತಮ ಸ್ಪಂದನೆ ವ್ಯಕ್ತವಾಗುತ್ತಿದೆ. ಆಕ್ಟೋಬರ್ 30ರವರೆಗೆ ಪ್ರಾಯೋಗಿಕವಾಗಿ ಜನರನ್ನು ಕರೆದೊಯ್ಯಲಾಗಿದ್ದು, ಸುಮಾರು 15 ಸಾವಿರ ಜನರು ಬೋಟಿಂಗ್ ಅನುಭವ ಪಡೆದಿದ್ದಾರೆ. ಇದರಿಂದ ಪ್ರಾಧಿಕಾರಕ್ಕೆ ಆದಾಯ ಬರುತ್ತಿದೆ.
ಹೆಚ್ಚು ಹಾಕಿದ್ದರು. ಇದರ ನಂತರವೂ ಜನರ ಒಡಾಟ ಕಡಿಮೆಯಾಗಿಲ್ಲ. ನ. 30 ರಿಂದ ಅ. 26 ರ ವರೆಗೆ ವಯಸ್ಕರು, ಮಕ್ಕಳು ಸೇರಿದಂತೆ ಒಟ್ಟು 6,466 ಮಂದಿ ಬೋಟಿಂಗ್‌ನಲ್ಲಿ ಪಾಲ್ಗೊಂಡಿದ್ದು, ಪ್ರಾಧಿಕಾರಕ್ಕೆ ಒಟ್ಟು 9,47,825 ಹಣ ಸಂಗ್ರಹವಾಗಿದೆ. ದಿನಕ್ಕೆ 300 ರಿಂದ 500 ಜನರು ದೋಣಿ ವಿಹಾರ ಮಾಡುತ್ತಿದ್ದಾರೆ.
ಪ್ರಾಧಿಕಾರದಿಂದ 9 ಕೋಟಿ ಅಭಿವೃದ್ಧಿ, ಹೆಚ್ಚಿನ ಅನುದಾನ ಬಿಡುಗಡೆಗೆ ಸರ್ಕಾರಕ್ಕೆ ಪ್ರಸ್ತಾವನೆ ಸಲ್ಲಿಸಲಾಗಿದೆ. ಅಮಾನಿಕೆರೆಯನ್ನು ಪ್ರವಾಸಿ ತಾಣವಾಗಿ ಅಭಿವೃದ್ಧಿ ಪಡಿಸುವ ಕೆಲಸಕ್ಕೆ ಆದ್ಯತೆ ನೀಡಲಾಗುತ್ತಿದೆ. ಸಾರ್ವಜನಿಕರ ಸುರಕ್ಷತೆಗೂ ಒತ್ತು ನೀಡಲಾಗಿದೆ. ಕೆರೆಯ ಪರಿಸರ ಸ್ವಚ್ಛತೆ ಕಾಪಾಡಲು ಸಿಬ್ಬಂದಿ ನಿಯೋಜಿಸಲಾಗಿದೆ. ಜಿಪ್ ಲೈನ್ ರೈಡ್‌ಗೆ ಇನ್ನೂ ಶುಲ್ಕ ನಿಗದಿ ಪಡಿಸಿಲ್ಲ. ಮುಂದಿನ ದಿನಗಳಲ್ಲಿ ಶುಲ್ಕ ನಿಗದಿ ಮಾಡಲಾಗುವುದು. ಎಲ್ಲ ವಯೋಮಾನದವರಿಗೂ ಇಷ್ಟವಾಗುವ ಆಟೋಟಗಳನ್ನು ಅಳವಡಿಸಲಾಗುವುದು ಎಂದು ನಗರಾಭಿವೃದ್ಧಿ ಪ್ರಾಧಿಕಾರದ ಅಧಿಕಾರಿಗಳು ತಿಳಿಸಿದ್ದಾರೆ.
ಕಾಂಗ್ರೆಸ್ ಸರ್ಕಾರದಲ್ಲಿ ಕುರ್ಚಿಗಾಗಿ ಕಿತ್ತಾಟ: ನಿಖಿಲ್ ಟೀಕೆ
ಗುಬ್ಬಿ, ನ. 6- ಕಳೆದೆರಡು ವರ್ಷದಿಂದ ಯಾವುದೇ ಅಭಿವೃದ್ಧಿ ಕೆಲಸ ಮಾಡದ ಕಾಂಗ್ರೆಸ್ ಸರ್ಕಾರದಲ್ಲಿ ಕುರ್ಚಿಗಾಗಿ ಕಿತ್ತಾಟ ನಡೆಯುತ್ತಿದೆ ಎಂದು ಜೆಡಿಎಸ್ ಯುವ ಘಟಕದ ರಾಜ್ಯಾಧ್ಯಕ್ಷ ನಿಖಿಲ್ ಕುಮಾರಸ್ವಾಮಿ ಟೀಕಿಸಿದರು. ತಾಲ್ಲೂಕಿನ ಹಾಗಲವಾಡಿ ಹೋಬಳಿ ಬೆಲವತ್ತ ಗ್ರಾಮದಲ್ಲಿ ನೂತನವಾಗಿ ನಿರ್ಮಿಸಲಾಗಿರುವ ಶ್ರೀ ಭದ್ರಕಾಳಮ್ಮ ದೇವಿಯ ದೇವಾಲಯ ಲೋಕಾರ್ಪಣೆ ಕಾರ್ಯಕ್ರಮದಲ್ಲಿ ಭಾಗವಹಿಸಿ ಮಾತನಾಡಿದ ಅವರು, ಕಾಂಗ್ರೆಸ್ ಸರ್ಕಾರ ಆಡಳಿತಕ್ಕೆ ಬಂದಾಗಿನಿಂದ ಅಭಿವೃದ್ಧಿ ಶೂನ್ಯವಾಗಿದೆ. ಗ್ಯಾರಂಟಿ ಯೋಜನೆ ಹೆಸರಲ್ಲಿ ಜನರನ್ನು ಮರುಳು ಮಾಡುತ್ತಿದೆ. ಗ್ರಾಮೀಣ ಭಾಗದ ರಸ್ತೆಗಳು ಹದಗೆಟ್ಟಿವೆ. ಕಾಂಗ್ರೆಸ್ ಸರ್ಕಾರದ ವಿರುದ್ಧ ಜನರು ಆಕ್ರೋಶಗೊಂಡಿದ್ದಾರೆ ಎಂದರು.
ಸರ್ಕಾರ ಎಂದು ಲೇವಡಿ ಮಾಡಿದರು. ಧಾರ್ಮಿಕ ಕಾರ್ಯಕ್ರಮ ಪಕ್ಷಾತೀತವಾಗಿ ನಡೆಯಲಿ, ದೇವತಕ್ಕೆ ಗ್ರಾಮ ದೇವತೆಗಳು ಹಾಗೂ ಕುಮಾರಣ್ಣ ಗ್ರಾಮ ದೇವರುಗಳ ಗ್ರಾಮಮಾಡಿದರು. ಇಲ್ಲಿನ ಅಭಿಮಾನಕ್ಕೆ ಕುಮಾರಣ್ಣ ದೆಹಲಿಯಲ್ಲಿ ಕುಳಿತಿದ್ದರೂ ನಿಮ್ಮನ್ನು ನೆನೆಯುತ್ತಾರೆ. ಜೆಡಿಎಸ್ ಪಕ್ಷದ ಕಾರ್ಯಕರ್ತರು ಒಗ್ಗಟ್ಟಿನಿಂದ ಪಕ್ಷವನ್ನು
ಇಲ್ಲಾ ಸಹ ಗಣಕಾರಿ ಹಾಗೂ ಬಿಜೆಪಿ ಜೊತೆಯಲ್ಲಿ ಒಡಾಟ ನಡೆಸಿದ್ದಾರೆ. ಟಿಕೆಟ್ ವಿಚಾರ ಚರ್ಚಿಸಿದ ಬಳಿಕ ಪಕ್ಷದ ವರಿಷ್ಠರು ತೀರ್ಮಾನ ಮಾಡುತ್ತಾರೆ ಎಂದರು. ಜೆಡಿಎಸ್ ಮುಖಂಡರು ನಾಗರಾಜು, ಬೆಲವತ್ತ ಗ್ರಾಮದಲ್ಲಿ ದೇವೇಗೌಡರ ಹಾಗೂ ಕುಮಾರಣ್ಣ ಅವರ ಅಭಿಮಾನಿಗಳು ಹೆಚ್ಚಿದ್ದಾರೆ. ಈ ಬಾರಿಯ ಚುನಾವಣೆಯಲ್ಲಿ ಕಾರ್ಯಕರ್ತರು ಶ್ರಮವಹಿಸಿ ಪಕ್ಷದ ಗೆಲುವಿಗೆ ಕೆಲಸ ಮಾಡಬೇಕು ಎಂದರು. ಈ ಸಂದರ್ಭದಲ್ಲಿ ಜೆಡಿಎಸ್ ಜಿಲ್ಲಾಧ್ಯಕ್ಷ ಆರ್.ಸಿ. ಆಂಜಿನಪ್ಪ, ಮುಖಂಡರಾದ ಬಿ.ಎಸ್. ನಾಗರಾಜು, ಪುಟ್ಟರಂಗಪ್ಪ, ಜಿ.ಡಿ. ಸುರೇಶ್‌ಗೌಡ, ಸಿದ್ದಗಂಗಪ್ಪ, ಜಿ.ಪಂ. ಮಾಜಿ ಸದಸ್ಯ ಗೌರಮ್ಮ ಸೇರಿದಂತೆ ಹಲವರು ಉಪಸ್ಥಿತರಿದ್ದರು.
ಸರ್ಕಾರ ಎಂದು ಲೇವಡಿ ಮಾಡಿದರು. ಧಾರ್ಮಿಕ ಕಾರ್ಯಕ್ರಮ ಪಕ್ಷಾತೀತವಾಗಿ ನಡೆಯಲಿ, ದೇವತಕ್ಕೆ ಗ್ರಾಮ ದೇವತೆಗಳು ಹಾಗೂ ಕುಮಾರಣ್ಣ ಗ್ರಾಮ ದೇವರುಗಳ ಗ್ರಾಮಮಾಡಿದರು. ಇಲ್ಲಿನ ಅಭಿಮಾನಕ್ಕೆ ಕುಮಾರಣ್ಣ ದೆಹಲಿಯಲ್ಲಿ ಕುಳಿತಿದ್ದರೂ ನಿಮ್ಮನ್ನು ನೆನೆಯುತ್ತಾರೆ. ಜೆಡಿಎಸ್ ಪಕ್ಷದ ಕಾರ್ಯಕರ್ತರು ಒಗ್ಗಟ್ಟಿನಿಂದ ಪಕ್ಷವನ್ನು ಬಲಪಡಿಸಬೇಕು. ಮುಂಬರುವ ಸ್ಥಳೀಯ ಸಂಸ್ಥೆಗಳ ಚುನಾವಣೆಯಲ್ಲಿ ಪಕ್ಷದ ಅಭ್ಯರ್ಥಿಗಳನ್ನು ಗೆಲ್ಲಿಸಬೇಕು ಎಂದು ಕರೆ ನೀಡಿದರು.
ಇಲ್ಲಾ ಸಹ ಗಣಕಾರಿ ಹಾಗೂ ಬಿಜೆಪಿ ಜೊತೆಯಲ್ಲಿ ಒಡಾಟ ನಡೆಸಿದ್ದಾರೆ. ಟಿಕೆಟ್ ವಿಚಾರ ಚರ್ಚಿಸಿದ ಬಳಿಕ ಪಕ್ಷದ ವರಿಷ್ಠರು ತೀರ್ಮಾನ ಮಾಡುತ್ತಾರೆ ಎಂದರು. ಜೆಡಿಎಸ್ ಮುಖಂಡರು ನಾಗರಾಜು, ಬೆಲವತ್ತ ಗ್ರಾಮದಲ್ಲಿ ದೇವೇಗೌಡರ ಹಾಗೂ ಕುಮಾರಣ್ಣ ಅವರ ಅಭಿಮಾನಿಗಳು ಹೆಚ್ಚಿದ್ದಾರೆ. ಈ ಬಾರಿಯ ಚುನಾವಣೆಯಲ್ಲಿ ಕಾರ್ಯಕರ್ತರು ಶ್ರಮವಹಿಸಿ ಪಕ್ಷದ ಗೆಲುವಿಗೆ ಕೆಲಸ ಮಾಡಬೇಕು ಎಂದರು. ಈ ಸಂದರ್ಭದಲ್ಲಿ ಜೆಡಿಎಸ್ ಜಿಲ್ಲಾಧ್ಯಕ್ಷ ಆರ್.ಸಿ. ಆಂಜಿನಪ್ಪ, ಮುಖಂಡರಾದ ಬಿ.ಎಸ್. ನಾಗರಾಜು, ಪುಟ್ಟರಂಗಪ್ಪ, ಜಿ.ಡಿ. ಸುರೇಶ್‌ಗೌಡ, ಸಿದ್ದಗಂಗಪ್ಪ, ಜಿ.ಪಂ. ಮಾಜಿ ಸದಸ್ಯ ಗೌರಮ್ಮ ಸೇರಿದಂತೆ ಹಲವರು ಉಪಸ್ಥಿತರಿದ್ದರು.
